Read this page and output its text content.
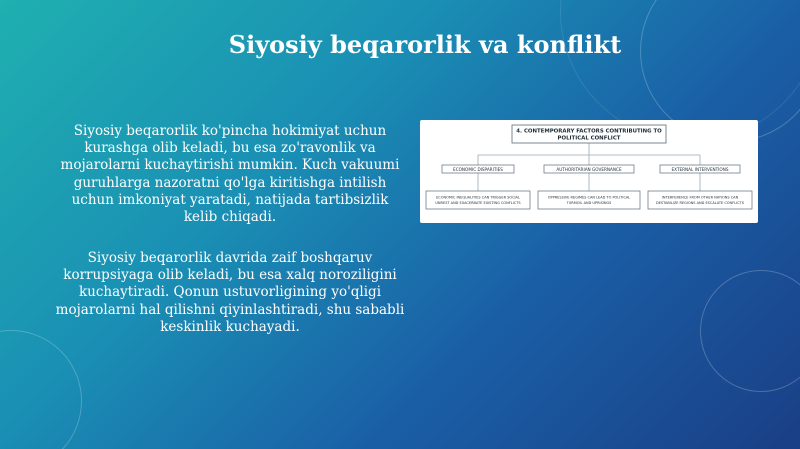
Siyosiy beqarorlik va konflikt
Siyosiy beqarorlik ko'pincha hokimiyat uchun kurashga olib keladi, bu esa zo'ravonlik va mojarolarni kuchaytirishi mumkin. Kuch vakuumi guruhlarga nazoratni qo'lga kiritishga intilish uchun imkoniyat yaratadi, natijada tartibsizlik kelib chiqadi.
Siyosiy beqarorlik davrida zaif boshqaruv korrupsiyaga olib keladi, bu esa xalq noroziligini kuchaytiradi. Qonun ustuvorligining yo'qligi mojarolarni hal qilishni qiyinlashtiradi, shu sababli keskinlik kuchayadi.
4. CONTEMPORARY FACTORS CONTRIBUTING TO
POLITICAL CONFLICT
ECONOMIC DISPARITIES	AUTHORITARIAN GOVERNANCE	EXTERNAL INTERVENTIONS
ECONOMIC INEQUALITIES CAN TRIGGER SOCIAL
UNREST AND EXACERBATE EXISTING CONFLICTS
OPPRESSIVE REGIMES CAN LEAD TO POLITICAL
TURMOIL AND UPRISINGS
INTERFERENCE FROM OTHER NATIONS CAN
DESTABILIZE REGIONS AND ESCALATE CONFLICTS
